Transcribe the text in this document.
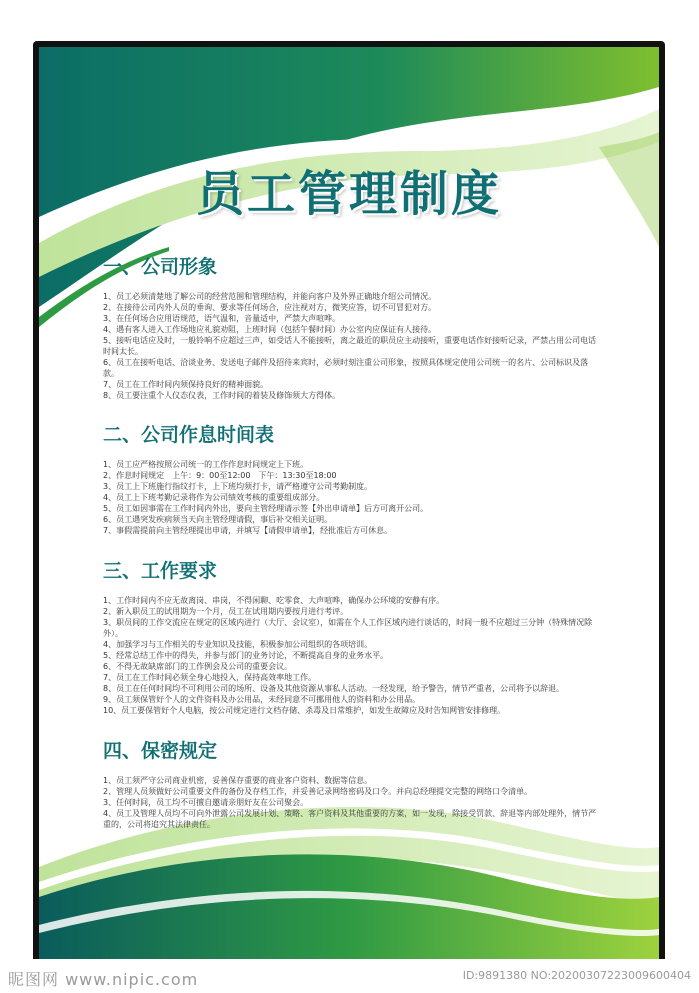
员工管理制度
一、公司形象
1、员工必须清楚地了解公司的经营范围和管理结构，并能向客户及外界正确地介绍公司情况。
2、在接待公司内外人员的垂询、要求等任何场合，应注视对方，微笑应答，切不可冒犯对方。
3、在任何场合应用语规范，语气温和，音量适中，严禁大声喧哗。
4、遇有客人进入工作场地应礼貌劝阻，上班时间（包括午餐时间）办公室内应保证有人接待。
5、接听电话应及时，一般铃响不应超过三声，如受话人不能接听，离之最近的职员应主动接听，重要电话作好接听记录，严禁占用公司电话时间太长。
6、员工在接听电话、洽谈业务、发送电子邮件及招待来宾时，必须时刻注重公司形象，按照具体规定使用公司统一的名片、公司标识及落款。
7、员工在工作时间内须保持良好的精神面貌。
8、员工要注重个人仪态仪表，工作时间的着装及修饰须大方得体。
二、公司作息时间表
1、员工应严格按照公司统一的工作作息时间规定上下班。
2、作息时间规定　上午：9：00至12:00　下午：13:30至18:00
3、员工上下班施行指纹打卡，上下班均须打卡，请严格遵守公司考勤制度。
4、员工上下班考勤记录将作为公司绩效考核的重要组成部分。
5、员工如因事需在工作时间内外出，要向主管经理请示签【外出申请单】后方可离开公司。
6、员工遇突发疾病须当天向主管经理请假，事后补交相关证明。
7、事假需提前向主管经理提出申请，并填写【请假申请单】，经批准后方可休息。
三、工作要求
1、工作时间内不应无故离岗、串岗，不得闲聊、吃零食、大声喧哗，确保办公环境的安静有序。
2、新入职员工的试用期为一个月，员工在试用期内要按月进行考评。
3、职员间的工作交流应在规定的区域内进行（大厅、会议室），如需在个人工作区域内进行谈话的，时间一般不应超过三分钟（特殊情况除外）。
4、加强学习与工作相关的专业知识及技能，积极参加公司组织的各项培训。
5、经常总结工作中的得失，并参与部门的业务讨论，不断提高自身的业务水平。
6、不得无故缺席部门的工作例会及公司的重要会议。
7、员工在工作时间必须全身心地投入，保持高效率地工作。
8、员工在任何时间均不可利用公司的场所、设备及其他资源从事私人活动。一经发现，给予警告，情节严重者，公司将予以辞退。
9、员工须保管好个人的文件资料及办公用品，未经同意不可挪用他人的资料和办公用品。
10、员工要保管好个人电脑，按公司规定进行文档存储、杀毒及日常维护，如发生故障应及时告知网管安排修理。
四、保密规定
1、员工须严守公司商业机密，妥善保存重要的商业客户资料、数据等信息。
2、管理人员须做好公司重要文件的备份及存档工作，并妥善记录网络密码及口令。并向总经理提交完整的网络口令清单。
3、任何时间，员工均不可擅自邀请亲朋好友在公司聚会。
4、员工及管理人员均不可向外泄露公司发展计划、策略、客户资料及其他重要的方案，如一发现，除接受罚款、辞退等内部处理外，情节严重的，公司将追究其法律责任。
昵图网 www.nipic.com	ID:9891380 NO:20200307223009600404
